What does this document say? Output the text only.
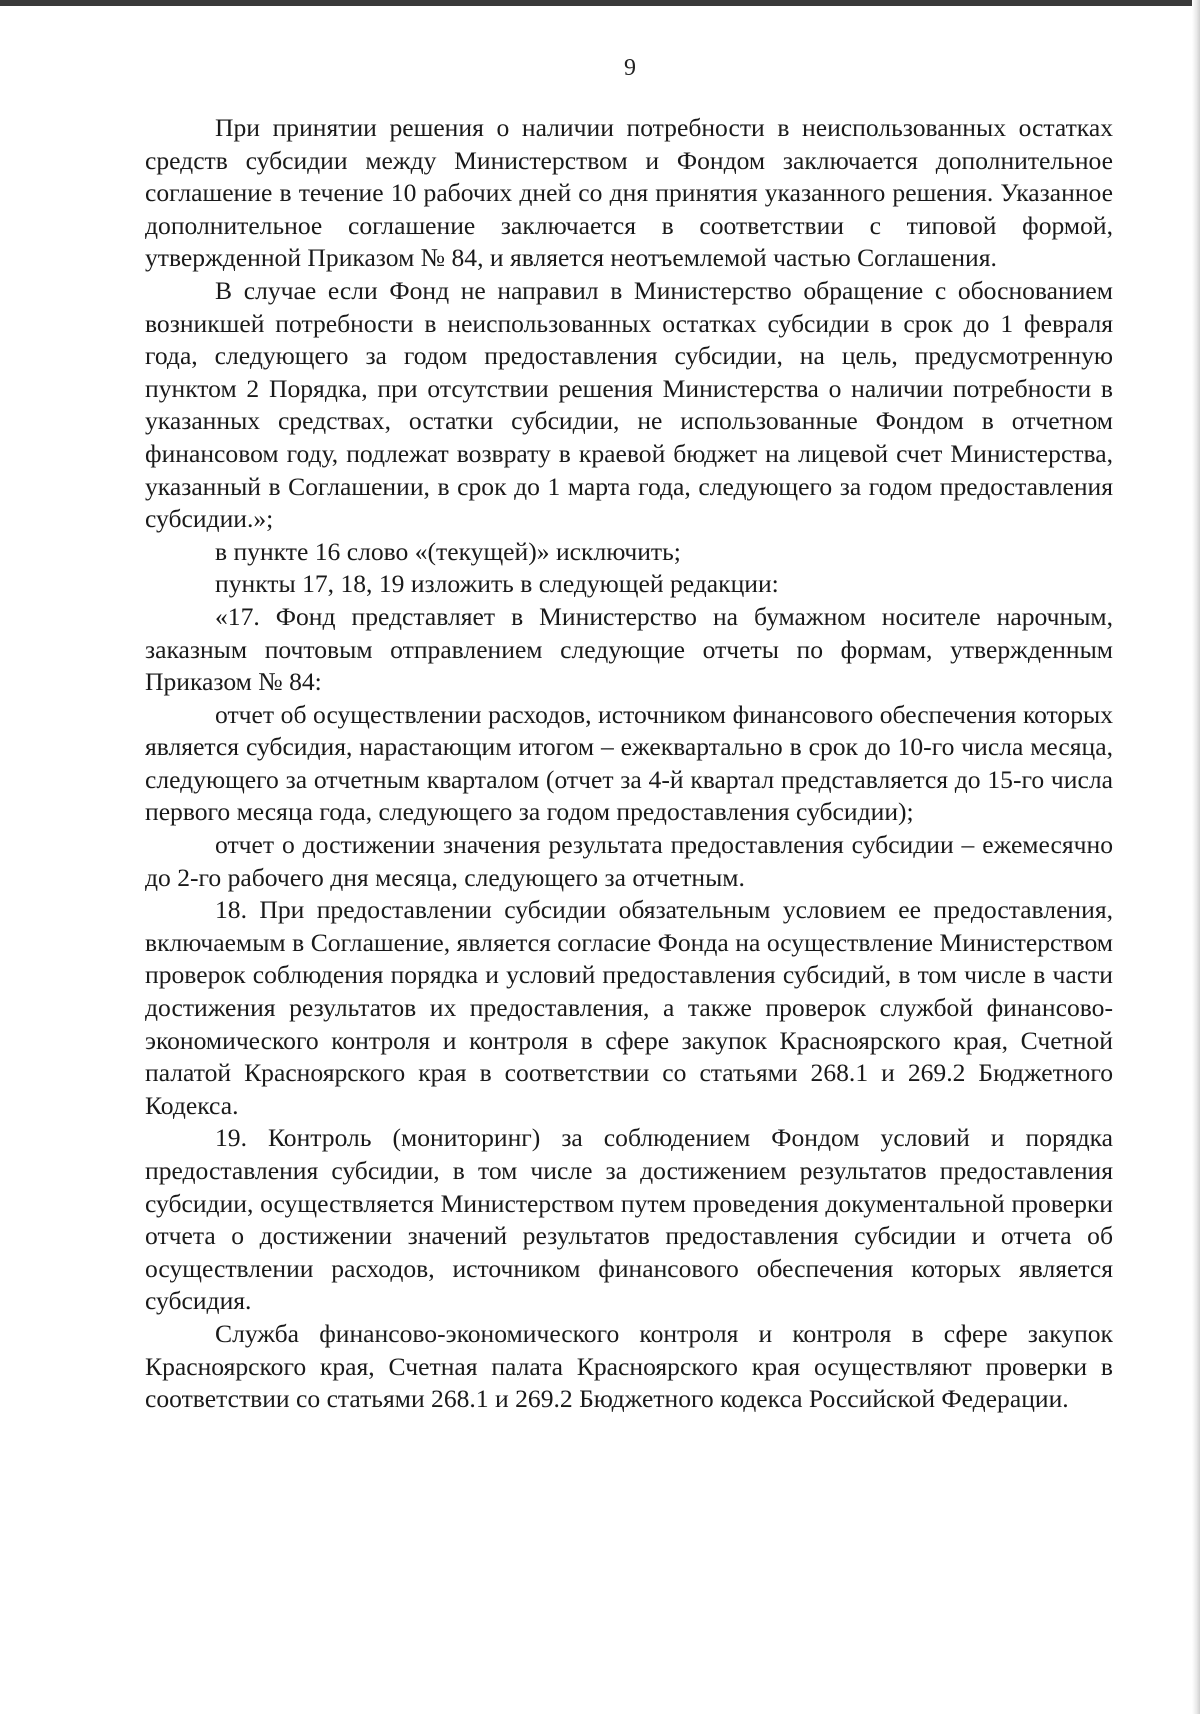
9

При принятии решения о наличии потребности в неиспользованных остатках средств субсидии между Министерством и Фондом заключается дополнительное соглашение в течение 10 рабочих дней со дня принятия указанного решения. Указанное дополнительное соглашение заключается в соответствии с типовой формой, утвержденной Приказом № 84, и является неотъемлемой частью Соглашения.

В случае если Фонд не направил в Министерство обращение с обоснованием возникшей потребности в неиспользованных остатках субсидии в срок до 1 февраля года, следующего за годом предоставления субсидии, на цель, предусмотренную пунктом 2 Порядка, при отсутствии решения Министерства о наличии потребности в указанных средствах, остатки субсидии, не использованные Фондом в отчетном финансовом году, подлежат возврату в краевой бюджет на лицевой счет Министерства, указанный в Соглашении, в срок до 1 марта года, следующего за годом предоставления субсидии.»;

в пункте 16 слово «(текущей)» исключить;

пункты 17, 18, 19 изложить в следующей редакции:

«17. Фонд представляет в Министерство на бумажном носителе нарочным, заказным почтовым отправлением следующие отчеты по формам, утвержденным Приказом № 84:

отчет об осуществлении расходов, источником финансового обеспечения которых является субсидия, нарастающим итогом – ежеквартально в срок до 10-го числа месяца, следующего за отчетным кварталом (отчет за 4-й квартал представляется до 15-го числа первого месяца года, следующего за годом предоставления субсидии);

отчет о достижении значения результата предоставления субсидии – ежемесячно до 2-го рабочего дня месяца, следующего за отчетным.

18. При предоставлении субсидии обязательным условием ее предоставления, включаемым в Соглашение, является согласие Фонда на осуществление Министерством проверок соблюдения порядка и условий предоставления субсидий, в том числе в части достижения результатов их предоставления, а также проверок службой финансово-экономического контроля и контроля в сфере закупок Красноярского края, Счетной палатой Красноярского края в соответствии со статьями 268.1 и 269.2 Бюджетного Кодекса.

19. Контроль (мониторинг) за соблюдением Фондом условий и порядка предоставления субсидии, в том числе за достижением результатов предоставления субсидии, осуществляется Министерством путем проведения документальной проверки отчета о достижении значений результатов предоставления субсидии и отчета об осуществлении расходов, источником финансового обеспечения которых является субсидия.

Служба финансово-экономического контроля и контроля в сфере закупок Красноярского края, Счетная палата Красноярского края осуществляют проверки в соответствии со статьями 268.1 и 269.2 Бюджетного кодекса Российской Федерации.
